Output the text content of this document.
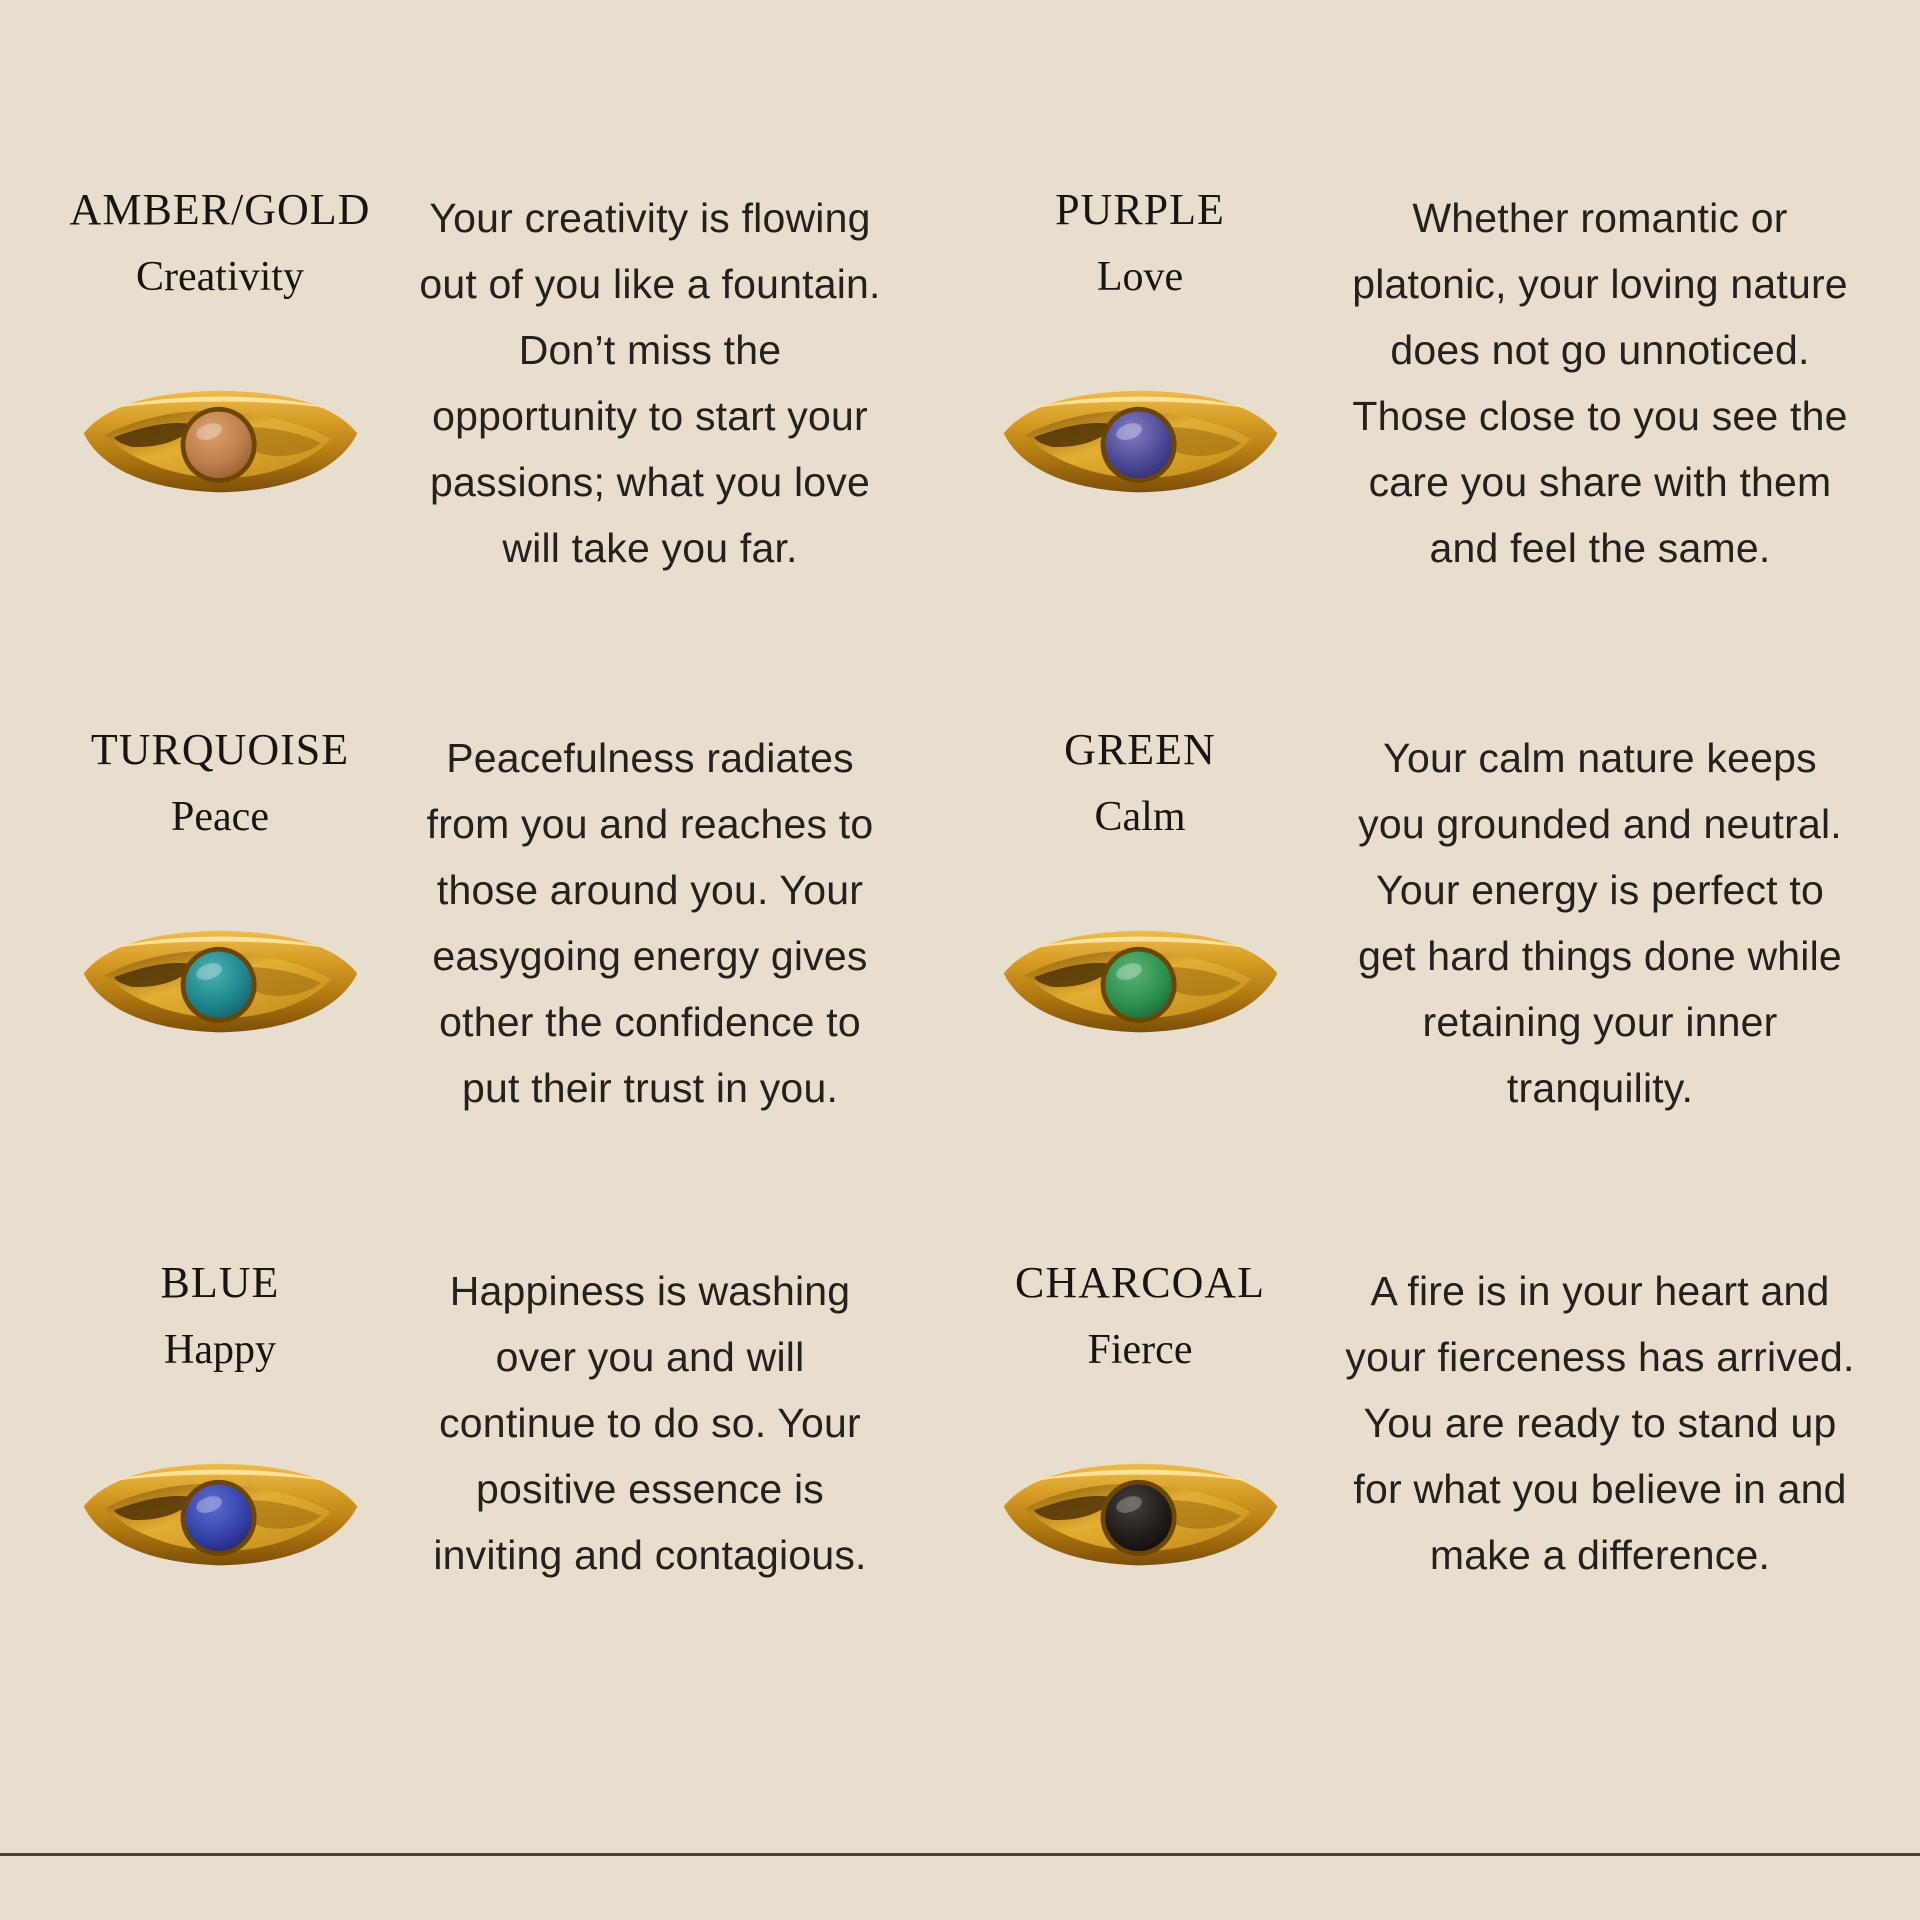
AMBER/GOLD
Creativity
Your creativity is flowing
out of you like a fountain.
Don’t miss the
opportunity to start your
passions; what you love
will take you far.
PURPLE
Love
Whether romantic or
platonic, your loving nature
does not go unnoticed.
Those close to you see the
care you share with them
and feel the same.
TURQUOISE
Peace
Peacefulness radiates
from you and reaches to
those around you. Your
easygoing energy gives
other the confidence to
put their trust in you.
GREEN
Calm
Your calm nature keeps
you grounded and neutral.
Your energy is perfect to
get hard things done while
retaining your inner
tranquility.
BLUE
Happy
Happiness is washing
over you and will
continue to do so. Your
positive essence is
inviting and contagious.
CHARCOAL
Fierce
A fire is in your heart and
your fierceness has arrived.
You are ready to stand up
for what you believe in and
make a difference.
